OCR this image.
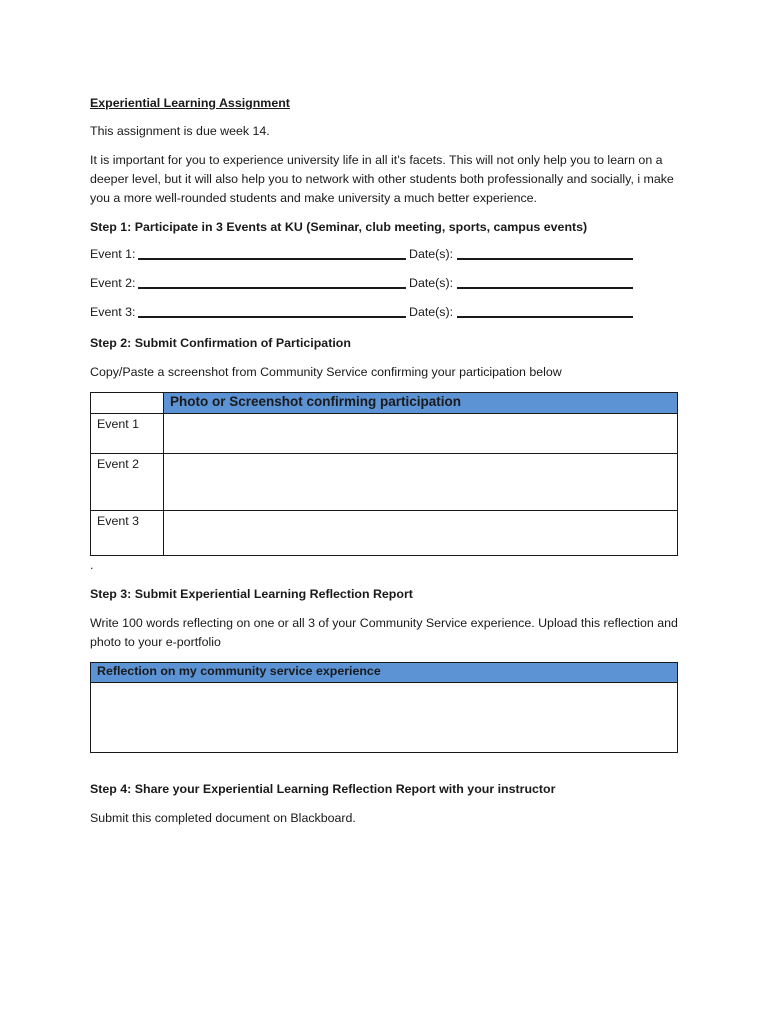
Experiential Learning Assignment
This assignment is due week 14.
It is important for you to experience university life in all it’s facets. This will not only help you to learn on a deeper level, but it will also help you to network with other students both professionally and socially, i make you a more well-rounded students and make university a much better experience.
Step 1: Participate in 3 Events at KU (Seminar, club meeting, sports, campus events)
Event 1:	Date(s):
Event 2:	Date(s):
Event 3:	Date(s):
Step 2: Submit Confirmation of Participation
Copy/Paste a screenshot from Community Service confirming your participation below
	Photo or Screenshot confirming participation
Event 1	
Event 2	
Event 3	
.
Step 3: Submit Experiential Learning Reflection Report
Write 100 words reflecting on one or all 3 of your Community Service experience. Upload this reflection and photo to your e-portfolio
Reflection on my community service experience

Step 4: Share your Experiential Learning Reflection Report with your instructor
Submit this completed document on Blackboard.
